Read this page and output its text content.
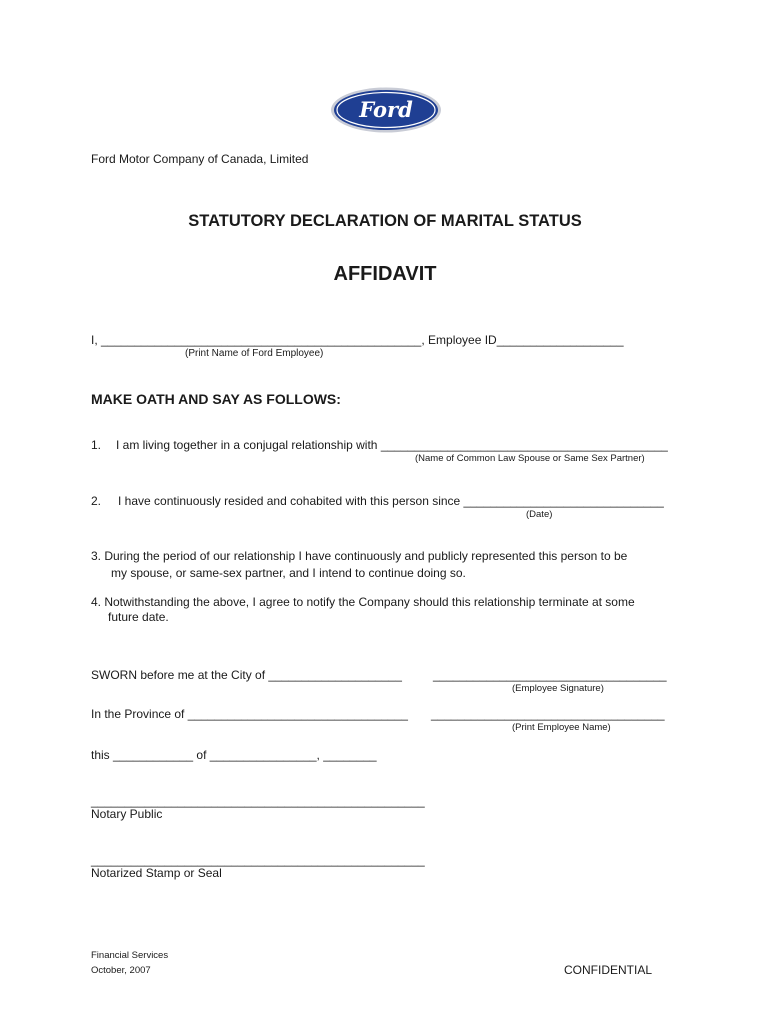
Ford
Ford Motor Company of Canada, Limited
STATUTORY DECLARATION OF MARITAL STATUS
AFFIDAVIT
I, ________________________________________________, Employee ID___________________
(Print Name of Ford Employee)
MAKE OATH AND SAY AS FOLLOWS:
1. I am living together in a conjugal relationship with ___________________________________________
(Name of Common Law Spouse or Same Sex Partner)
2. I have continuously resided and cohabited with this person since ______________________________
(Date)
3. During the period of our relationship I have continuously and publicly represented this person to be
my spouse, or same-sex partner, and I intend to continue doing so.
4. Notwithstanding the above, I agree to notify the Company should this relationship terminate at some
future date.
SWORN before me at the City of ____________________	___________________________________
(Employee Signature)
In the Province of _________________________________ ___________________________________
(Print Employee Name)
this ____________ of ________________, ________
__________________________________________________
Notary Public
__________________________________________________
Notarized Stamp or Seal
Financial Services
October, 2007	CONFIDENTIAL
